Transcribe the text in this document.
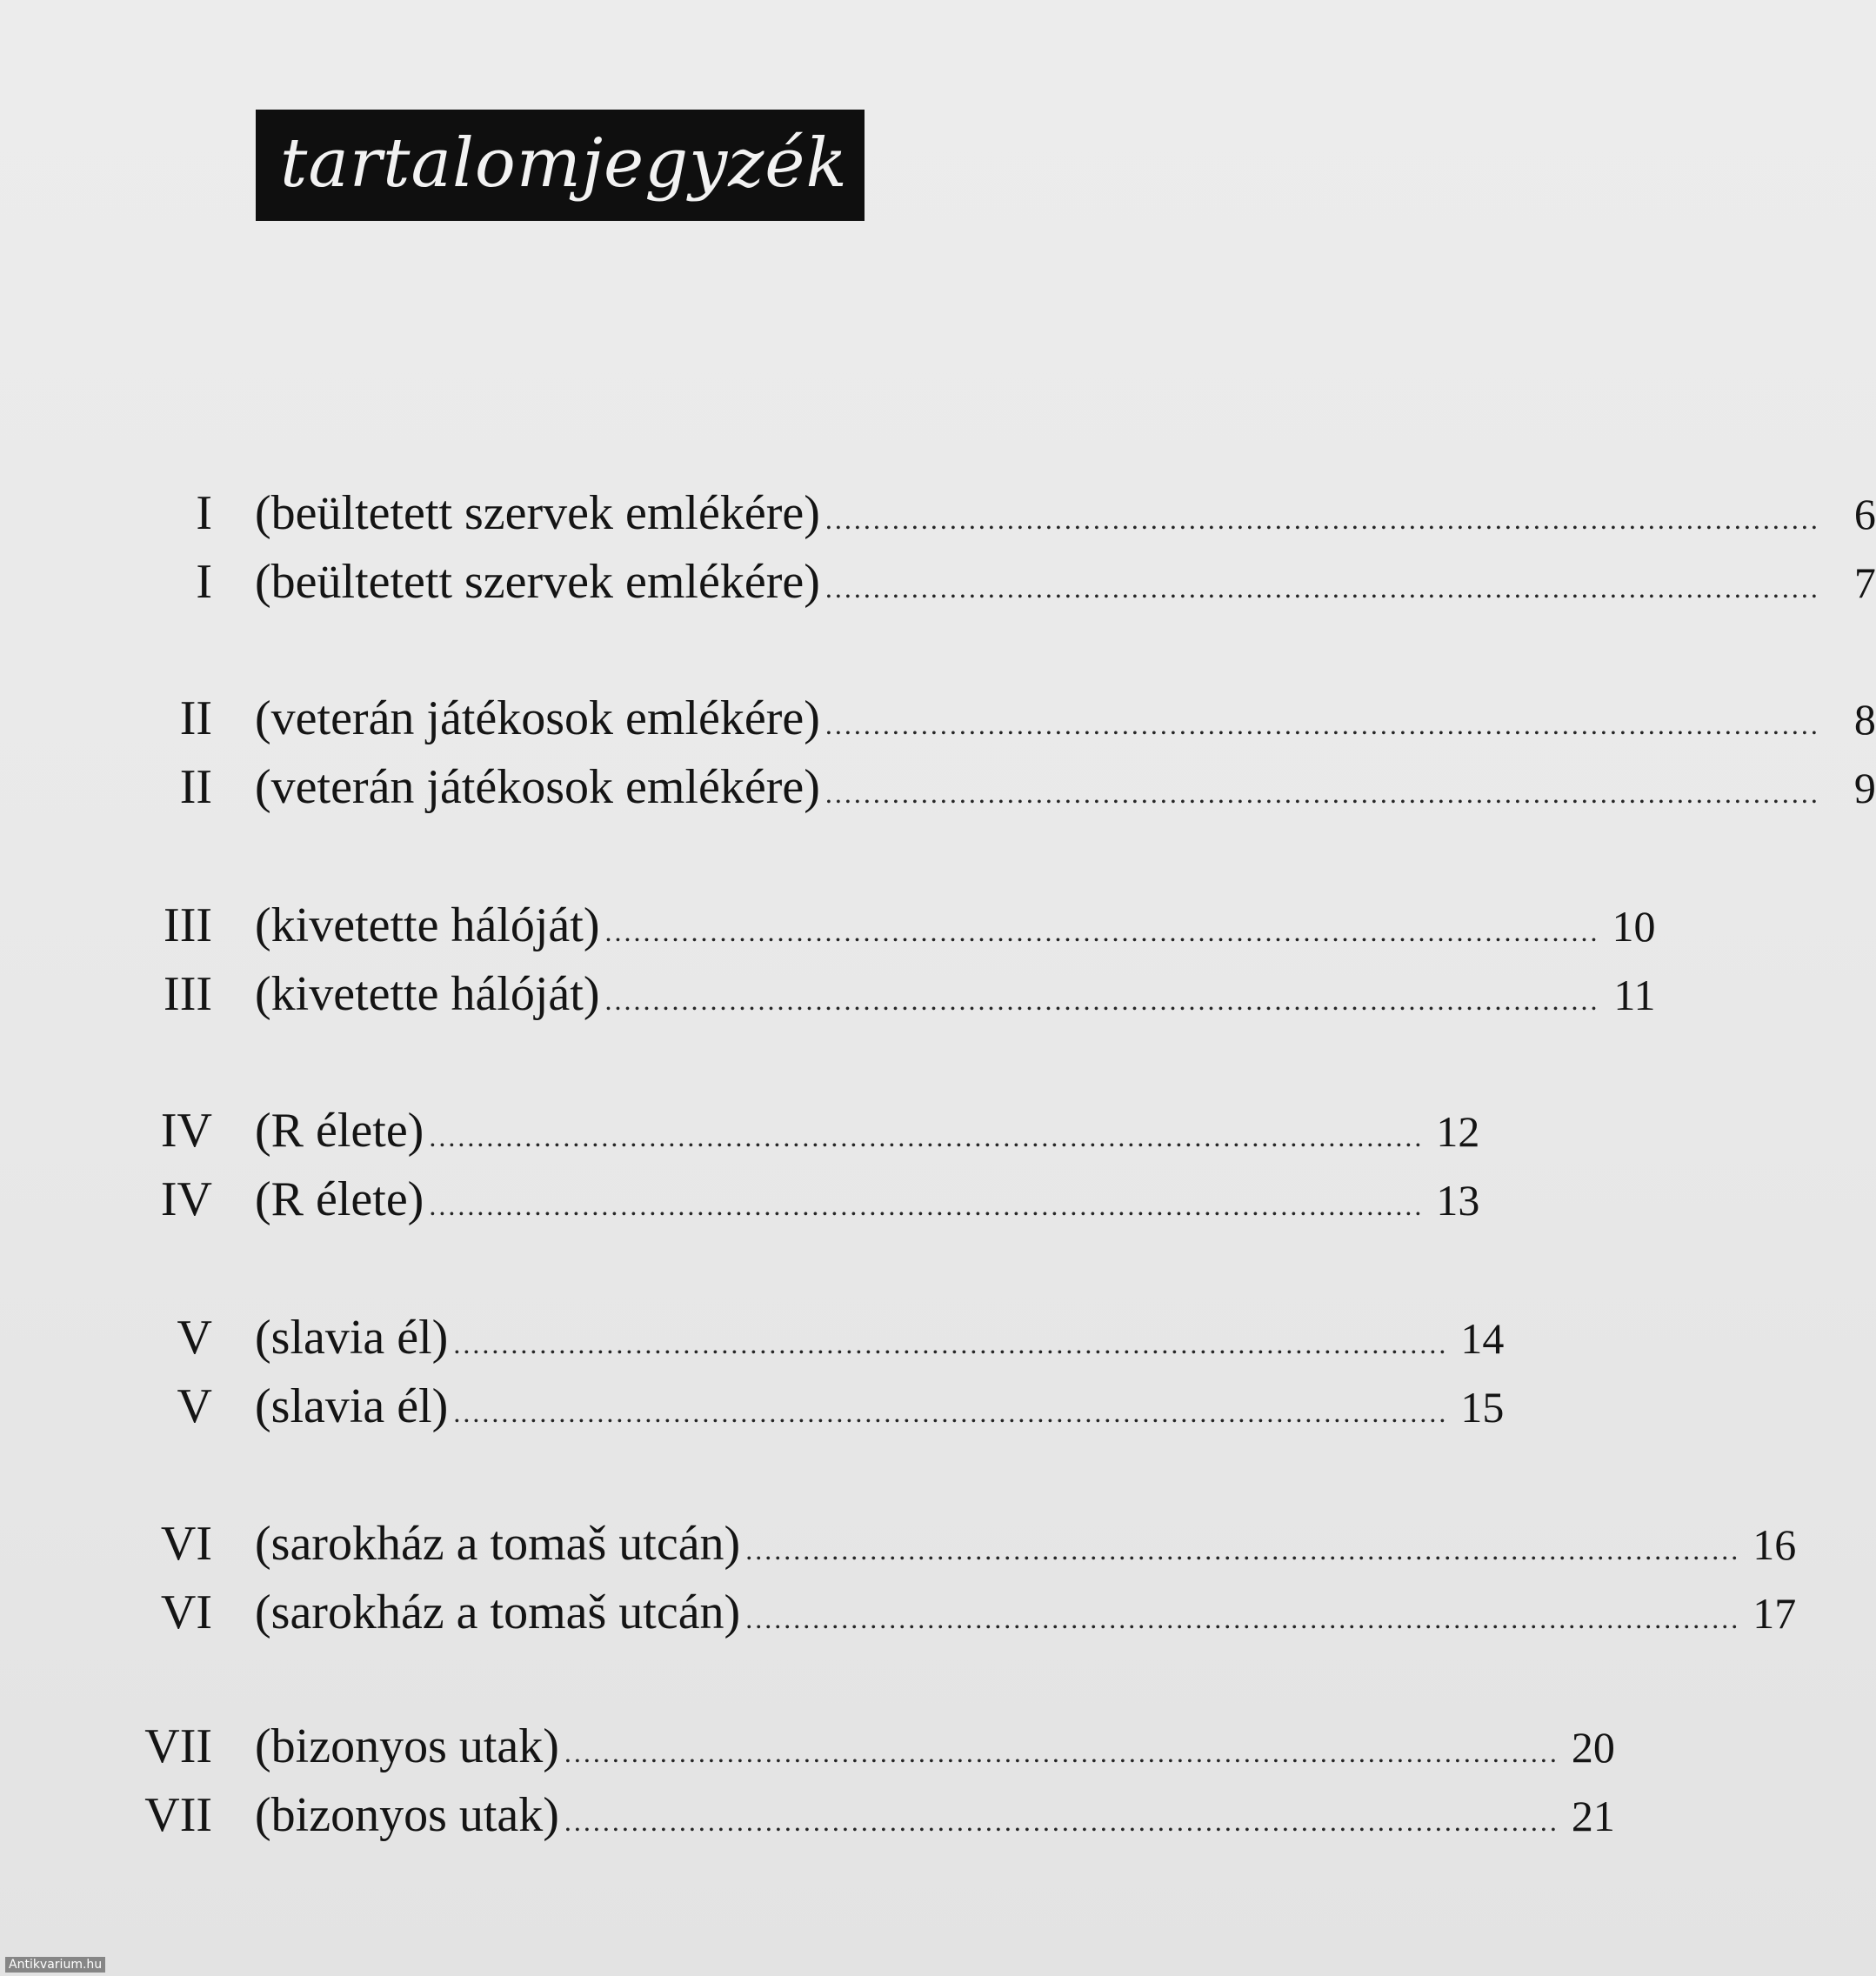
tartalomjegyzék
I (beültetett szervek emlékére) ........................................................................................................ 6
I (beültetett szervek emlékére) ........................................................................................................ 7
II (veterán játékosok emlékére) ........................................................................................................ 8
II (veterán játékosok emlékére) ........................................................................................................ 9
III (kivetette hálóját) ........................................................................................................ 10
III (kivetette hálóját) ........................................................................................................ 11
IV (R élete) ........................................................................................................ 12
IV (R élete) ........................................................................................................ 13
V (slavia él) ........................................................................................................ 14
V (slavia él) ........................................................................................................ 15
VI (sarokház a tomaš utcán) ........................................................................................................ 16
VI (sarokház a tomaš utcán) ........................................................................................................ 17
VII (bizonyos utak) ........................................................................................................ 20
VII (bizonyos utak) ........................................................................................................ 21
Antikvarium.hu
